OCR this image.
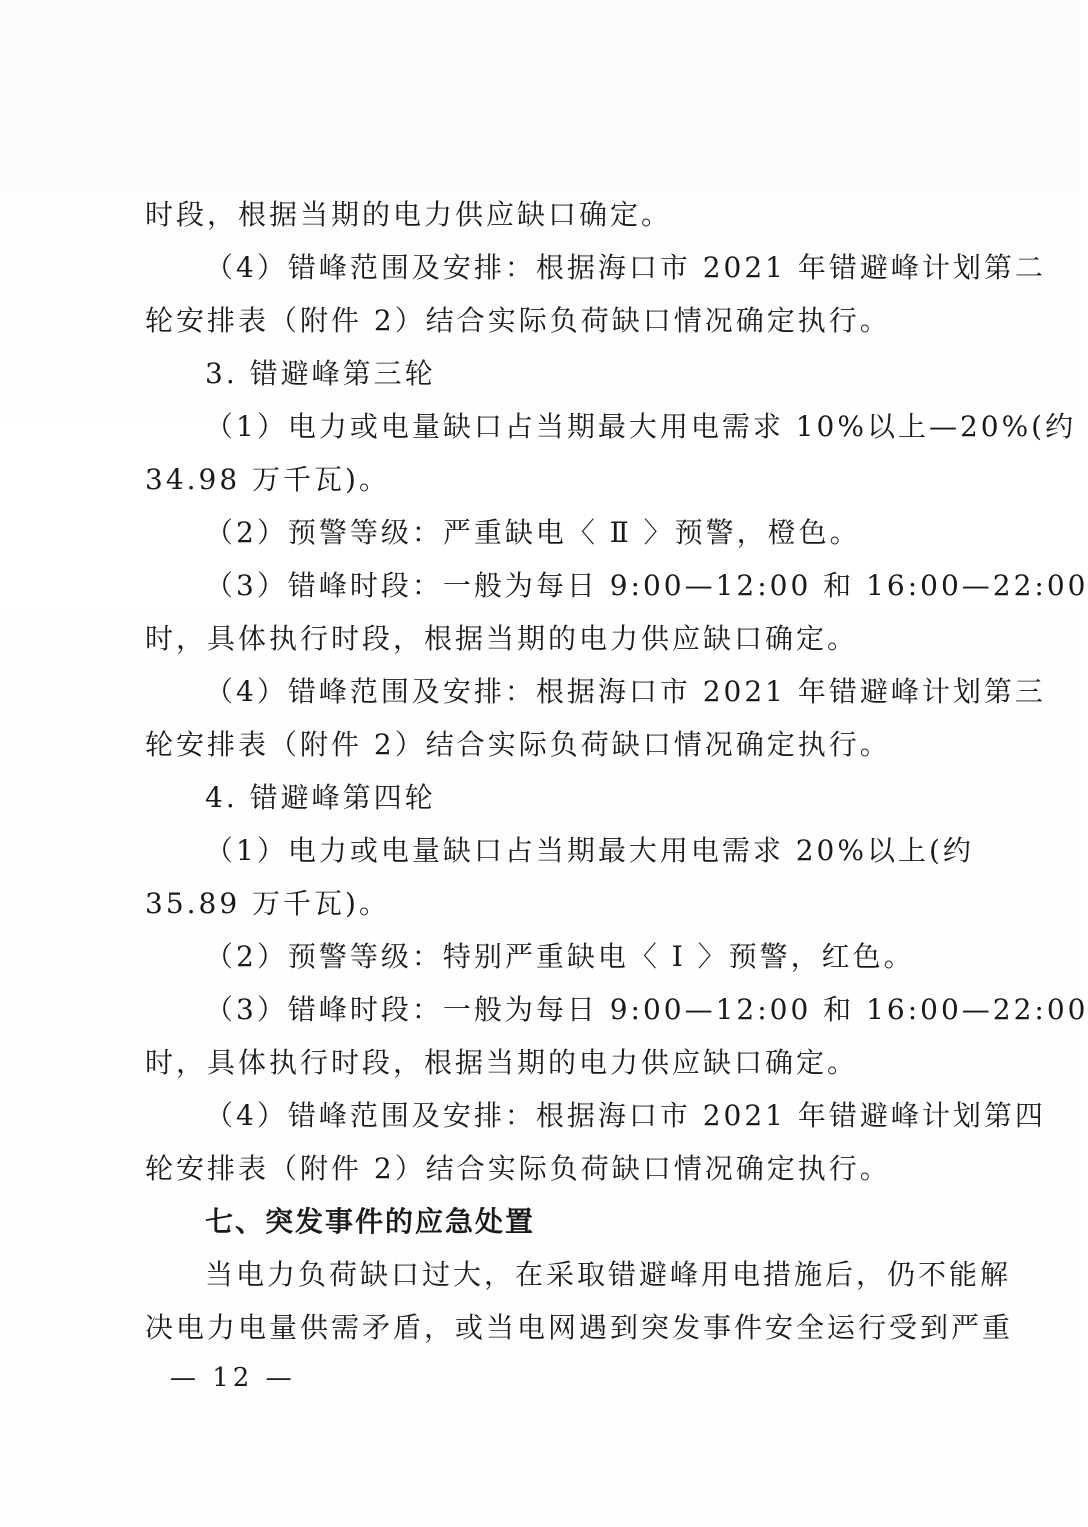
时段，根据当期的电力供应缺口确定。
（4）错峰范围及安排：根据海口市 2021 年错避峰计划第二
轮安排表（附件 2）结合实际负荷缺口情况确定执行。
3. 错避峰第三轮
（1）电力或电量缺口占当期最大用电需求 10%以上—20%(约
34.98 万千瓦)。
（2）预警等级：严重缺电〈 Ⅱ 〉预警，橙色。
（3）错峰时段：一般为每日 9:00—12:00 和 16:00—22:00
时，具体执行时段，根据当期的电力供应缺口确定。
（4）错峰范围及安排：根据海口市 2021 年错避峰计划第三
轮安排表（附件 2）结合实际负荷缺口情况确定执行。
4. 错避峰第四轮
（1）电力或电量缺口占当期最大用电需求 20%以上(约
35.89 万千瓦)。
（2）预警等级：特别严重缺电〈 Ⅰ 〉预警，红色。
（3）错峰时段：一般为每日 9:00—12:00 和 16:00—22:00
时，具体执行时段，根据当期的电力供应缺口确定。
（4）错峰范围及安排：根据海口市 2021 年错避峰计划第四
轮安排表（附件 2）结合实际负荷缺口情况确定执行。
七、突发事件的应急处置
当电力负荷缺口过大，在采取错避峰用电措施后，仍不能解
决电力电量供需矛盾，或当电网遇到突发事件安全运行受到严重
— 12 —
